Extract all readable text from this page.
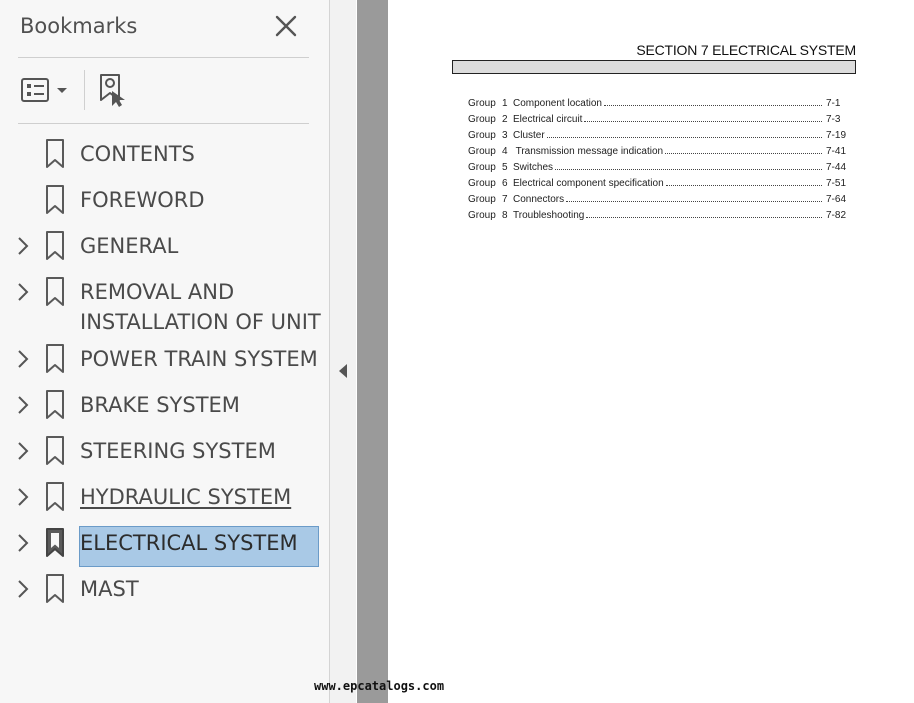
Bookmarks
CONTENTS
FOREWORD
GENERAL
REMOVAL AND
INSTALLATION OF UNIT
POWER TRAIN SYSTEM
BRAKE SYSTEM
STEERING SYSTEM
HYDRAULIC SYSTEM
ELECTRICAL SYSTEM
MAST
SECTION 7 ELECTRICAL SYSTEM
Group 1 Component location	7-1
Group 2 Electrical circuit	7-3
Group 3 Cluster	7-19
Group 4 Transmission message indication	7-41
Group 5 Switches	7-44
Group 6 Electrical component specification	7-51
Group 7 Connectors	7-64
Group 8 Troubleshooting	7-82
www.epcatalogs.com
